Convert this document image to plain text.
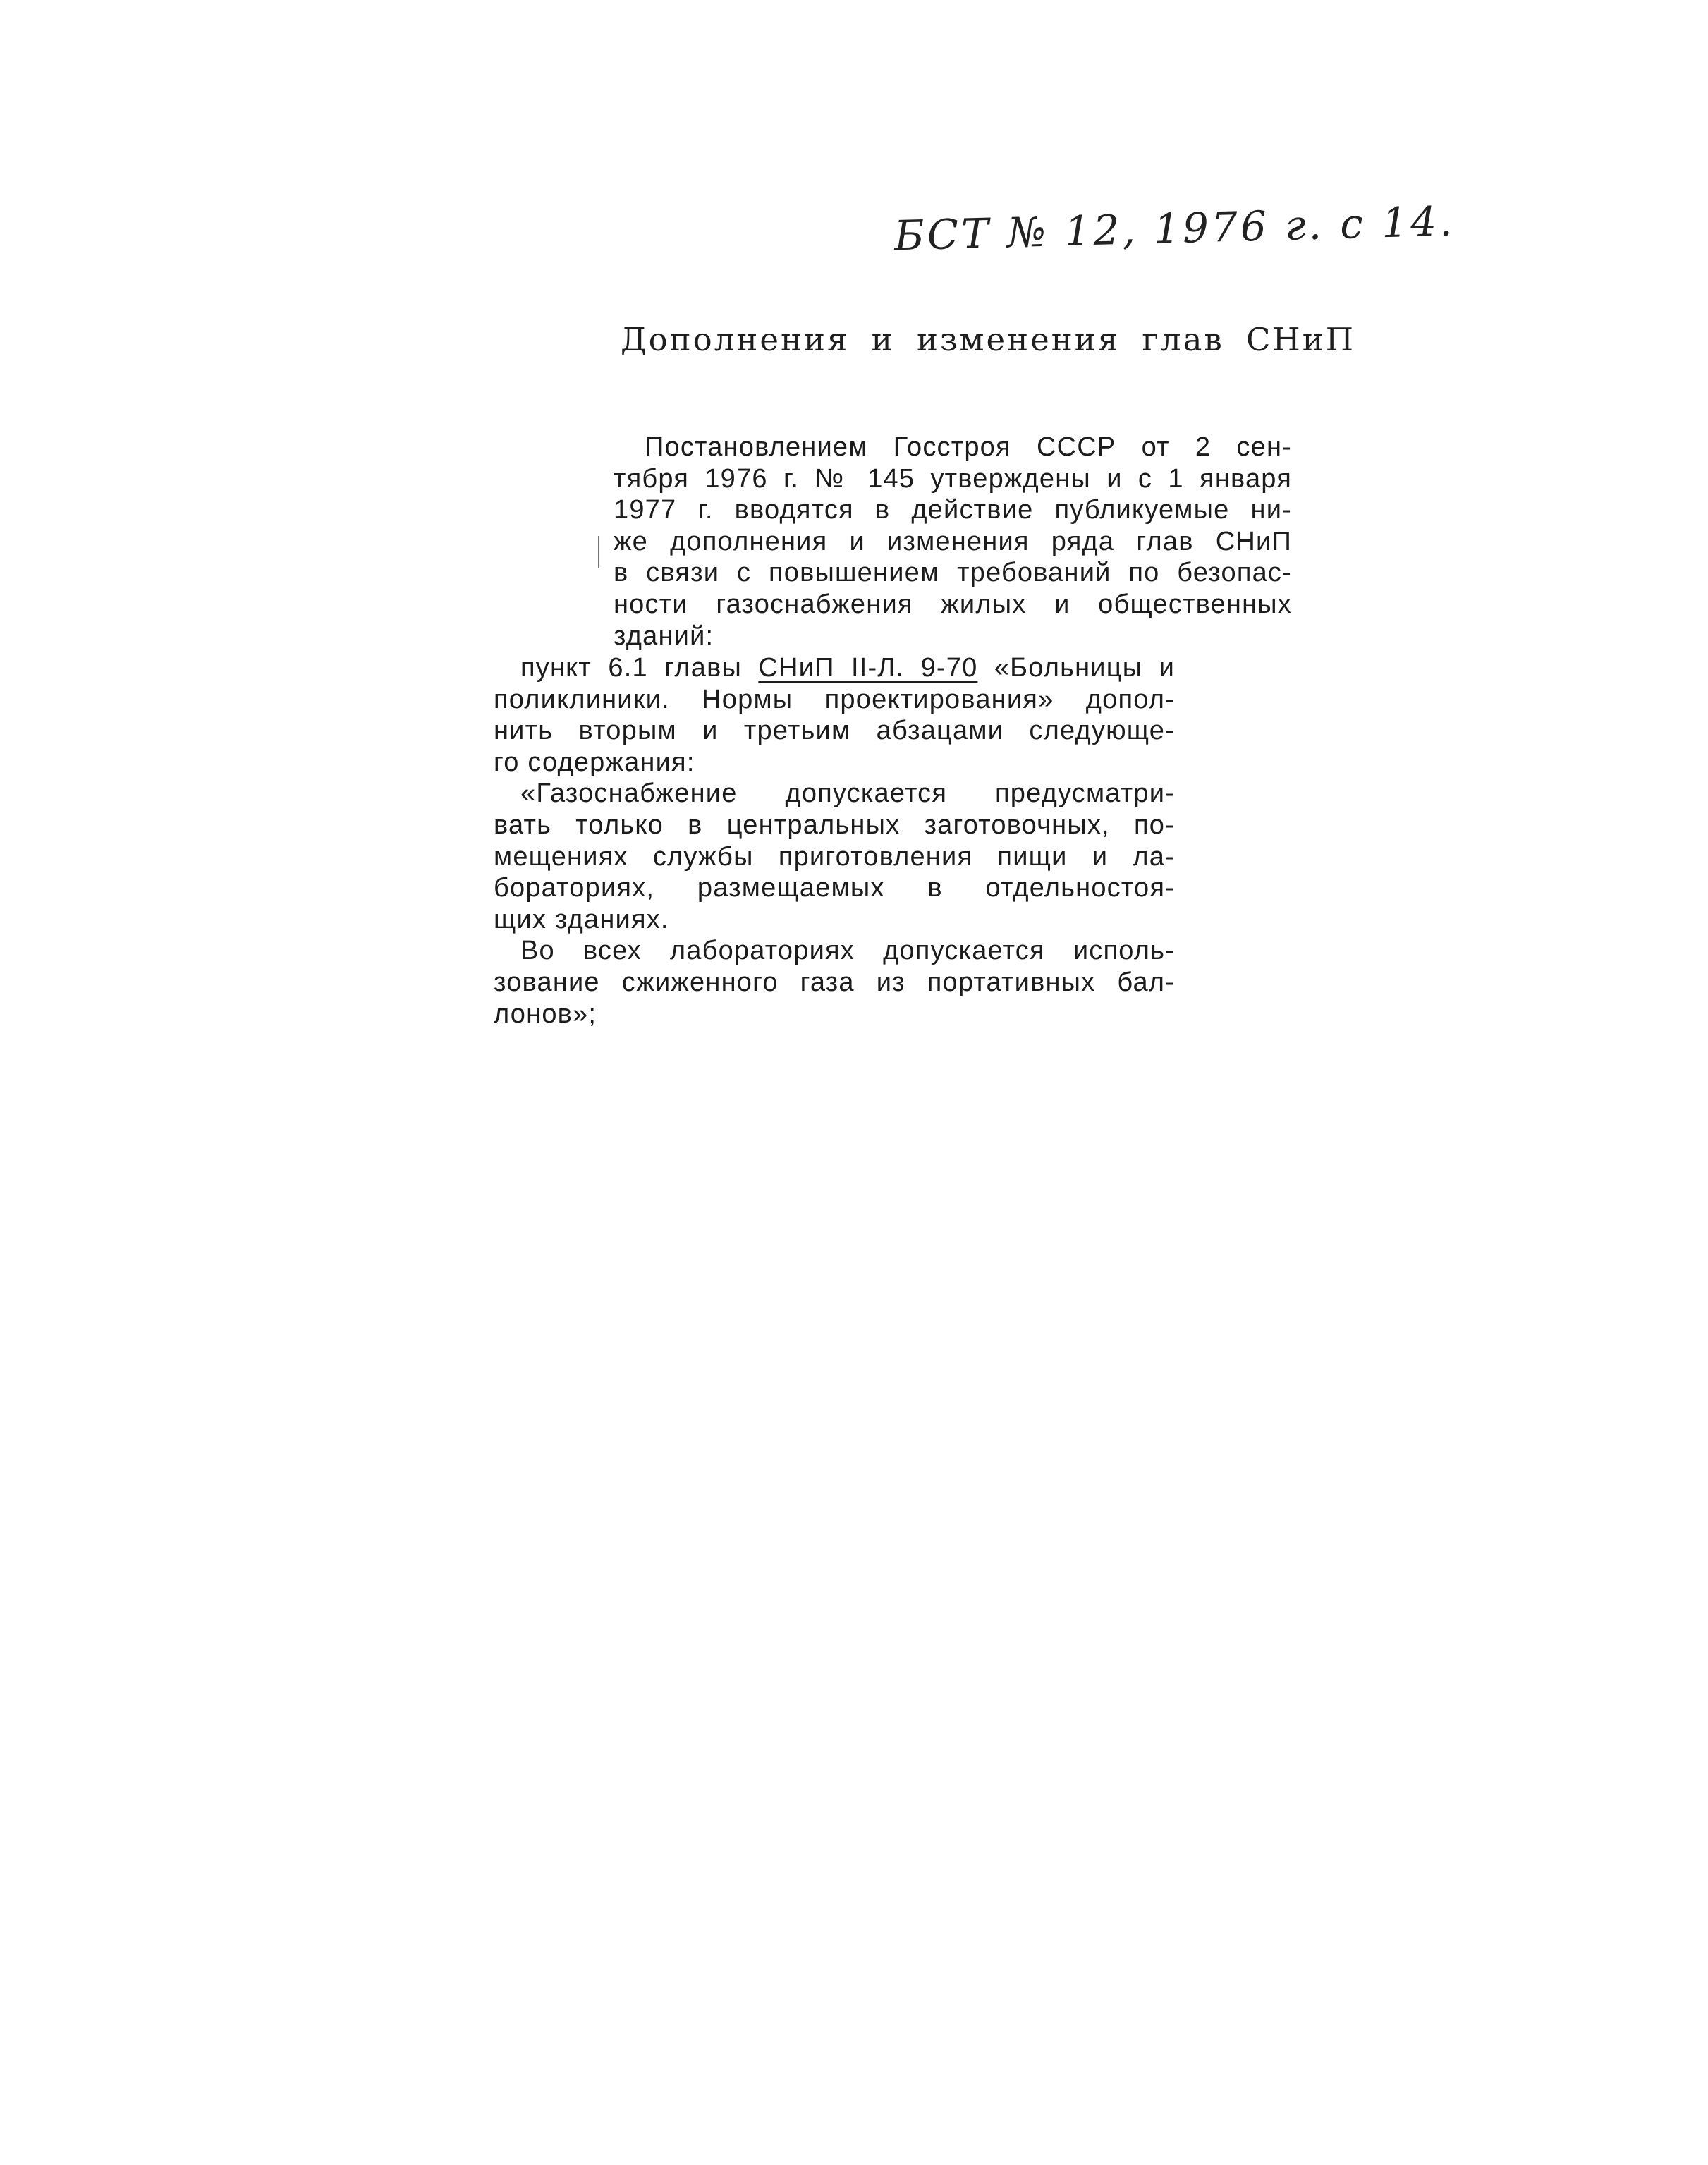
БСТ № 12, 1976 г. с 14.
Дополнения и изменения глав СНиП
Постановлением Госстроя СССР от 2 сен-
тября 1976 г. № 145 утверждены и с 1 января
1977 г. вводятся в действие публикуемые ни-
же дополнения и изменения ряда глав СНиП
в связи с повышением требований по безопас-
ности газоснабжения жилых и общественных
зданий:
пункт 6.1 главы СНиП II-Л. 9-70 «Больницы и
поликлиники. Нормы проектирования» допол-
нить вторым и третьим абзацами следующе-
го содержания:
«Газоснабжение допускается предусматри-
вать только в центральных заготовочных, по-
мещениях службы приготовления пищи и ла-
бораториях, размещаемых в отдельностоя-
щих зданиях.
Во всех лабораториях допускается исполь-
зование сжиженного газа из портативных бал-
лонов»;
